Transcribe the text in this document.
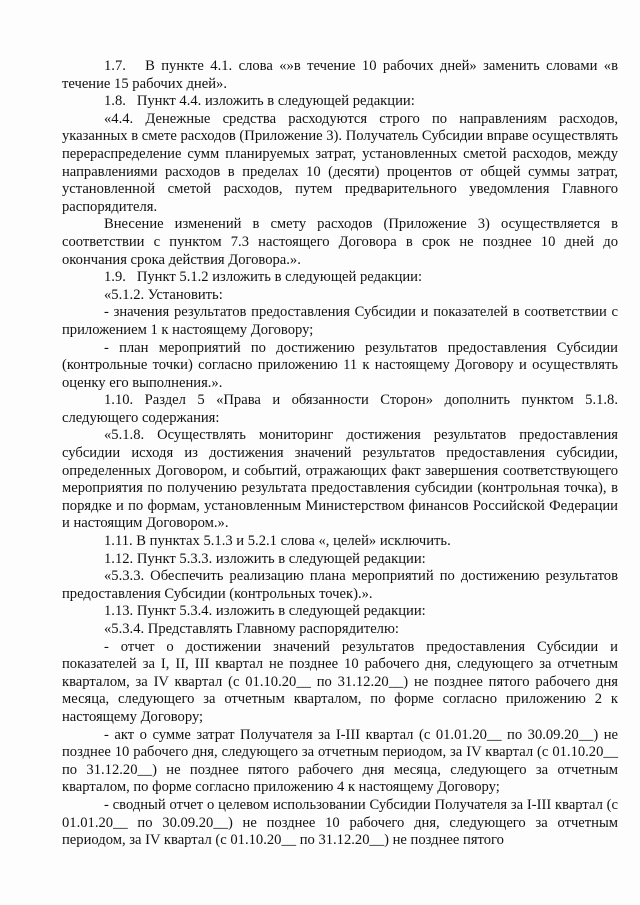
1.7.   В пункте 4.1. слова «»в течение 10 рабочих дней» заменить словами «в течение 15 рабочих дней».

1.8.   Пункт 4.4. изложить в следующей редакции:

«4.4. Денежные средства расходуются строго по направлениям расходов, указанных в смете расходов (Приложение 3). Получатель Субсидии вправе осуществлять перераспределение сумм планируемых затрат, установленных сметой расходов, между направлениями расходов в пределах 10 (десяти) процентов от общей суммы затрат, установленной сметой расходов, путем предварительного уведомления Главного распорядителя.

Внесение изменений в смету расходов (Приложение 3) осуществляется в соответствии с пунктом 7.3 настоящего Договора в срок не позднее 10 дней до окончания срока действия Договора.».

1.9.   Пункт 5.1.2 изложить в следующей редакции:

«5.1.2. Установить:

- значения результатов предоставления Субсидии и показателей в соответствии с приложением 1 к настоящему Договору;

- план мероприятий по достижению результатов предоставления Субсидии (контрольные точки) согласно приложению 11 к настоящему Договору и осуществлять оценку его выполнения.».

1.10. Раздел 5 «Права и обязанности Сторон» дополнить пунктом 5.1.8. следующего содержания:

«5.1.8. Осуществлять мониторинг достижения результатов предоставления субсидии исходя из достижения значений результатов предоставления субсидии, определенных Договором, и событий, отражающих факт завершения соответствующего мероприятия по получению результата предоставления субсидии (контрольная точка), в порядке и по формам, установленным Министерством финансов Российской Федерации и настоящим Договором.».

1.11. В пунктах 5.1.3 и 5.2.1 слова «, целей» исключить.

1.12. Пункт 5.3.3. изложить в следующей редакции:

«5.3.3. Обеспечить реализацию плана мероприятий по достижению результатов предоставления Субсидии (контрольных точек).».

1.13. Пункт 5.3.4. изложить в следующей редакции:

«5.3.4. Представлять Главному распорядителю:

- отчет о достижении значений результатов предоставления Субсидии и показателей за I, II, III квартал не позднее 10 рабочего дня, следующего за отчетным кварталом, за IV квартал (с 01.10.20__ по 31.12.20__) не позднее пятого рабочего дня месяца, следующего за отчетным кварталом, по форме согласно приложению 2 к настоящему Договору;

- акт о сумме затрат Получателя за I-III квартал (с 01.01.20__ по 30.09.20__) не позднее 10 рабочего дня, следующего за отчетным периодом, за IV квартал (с 01.10.20__ по 31.12.20__) не позднее пятого рабочего дня месяца, следующего за отчетным кварталом, по форме согласно приложению 4 к настоящему Договору;

- сводный отчет о целевом использовании Субсидии Получателя за I-III квартал (с 01.01.20__ по 30.09.20__) не позднее 10 рабочего дня, следующего за отчетным периодом, за IV квартал (с 01.10.20__ по 31.12.20__) не позднее пятого
